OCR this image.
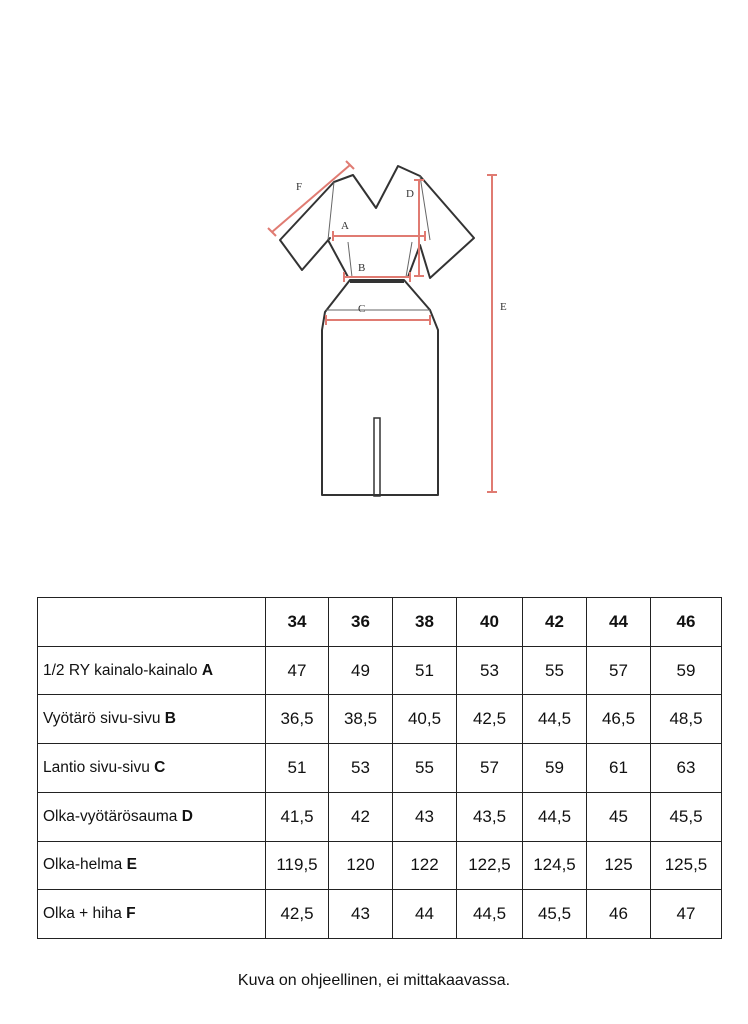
F
A
B
C
D
E
	34	36	38	40	42	44	46
1/2 RY kainalo-kainalo A	47	49	51	53	55	57	59
Vyötärö sivu-sivu B	36,5	38,5	40,5	42,5	44,5	46,5	48,5
Lantio sivu-sivu C	51	53	55	57	59	61	63
Olka-vyötärösauma D	41,5	42	43	43,5	44,5	45	45,5
Olka-helma E	119,5	120	122	122,5	124,5	125	125,5
Olka + hiha F	42,5	43	44	44,5	45,5	46	47
Kuva on ohjeellinen, ei mittakaavassa.
